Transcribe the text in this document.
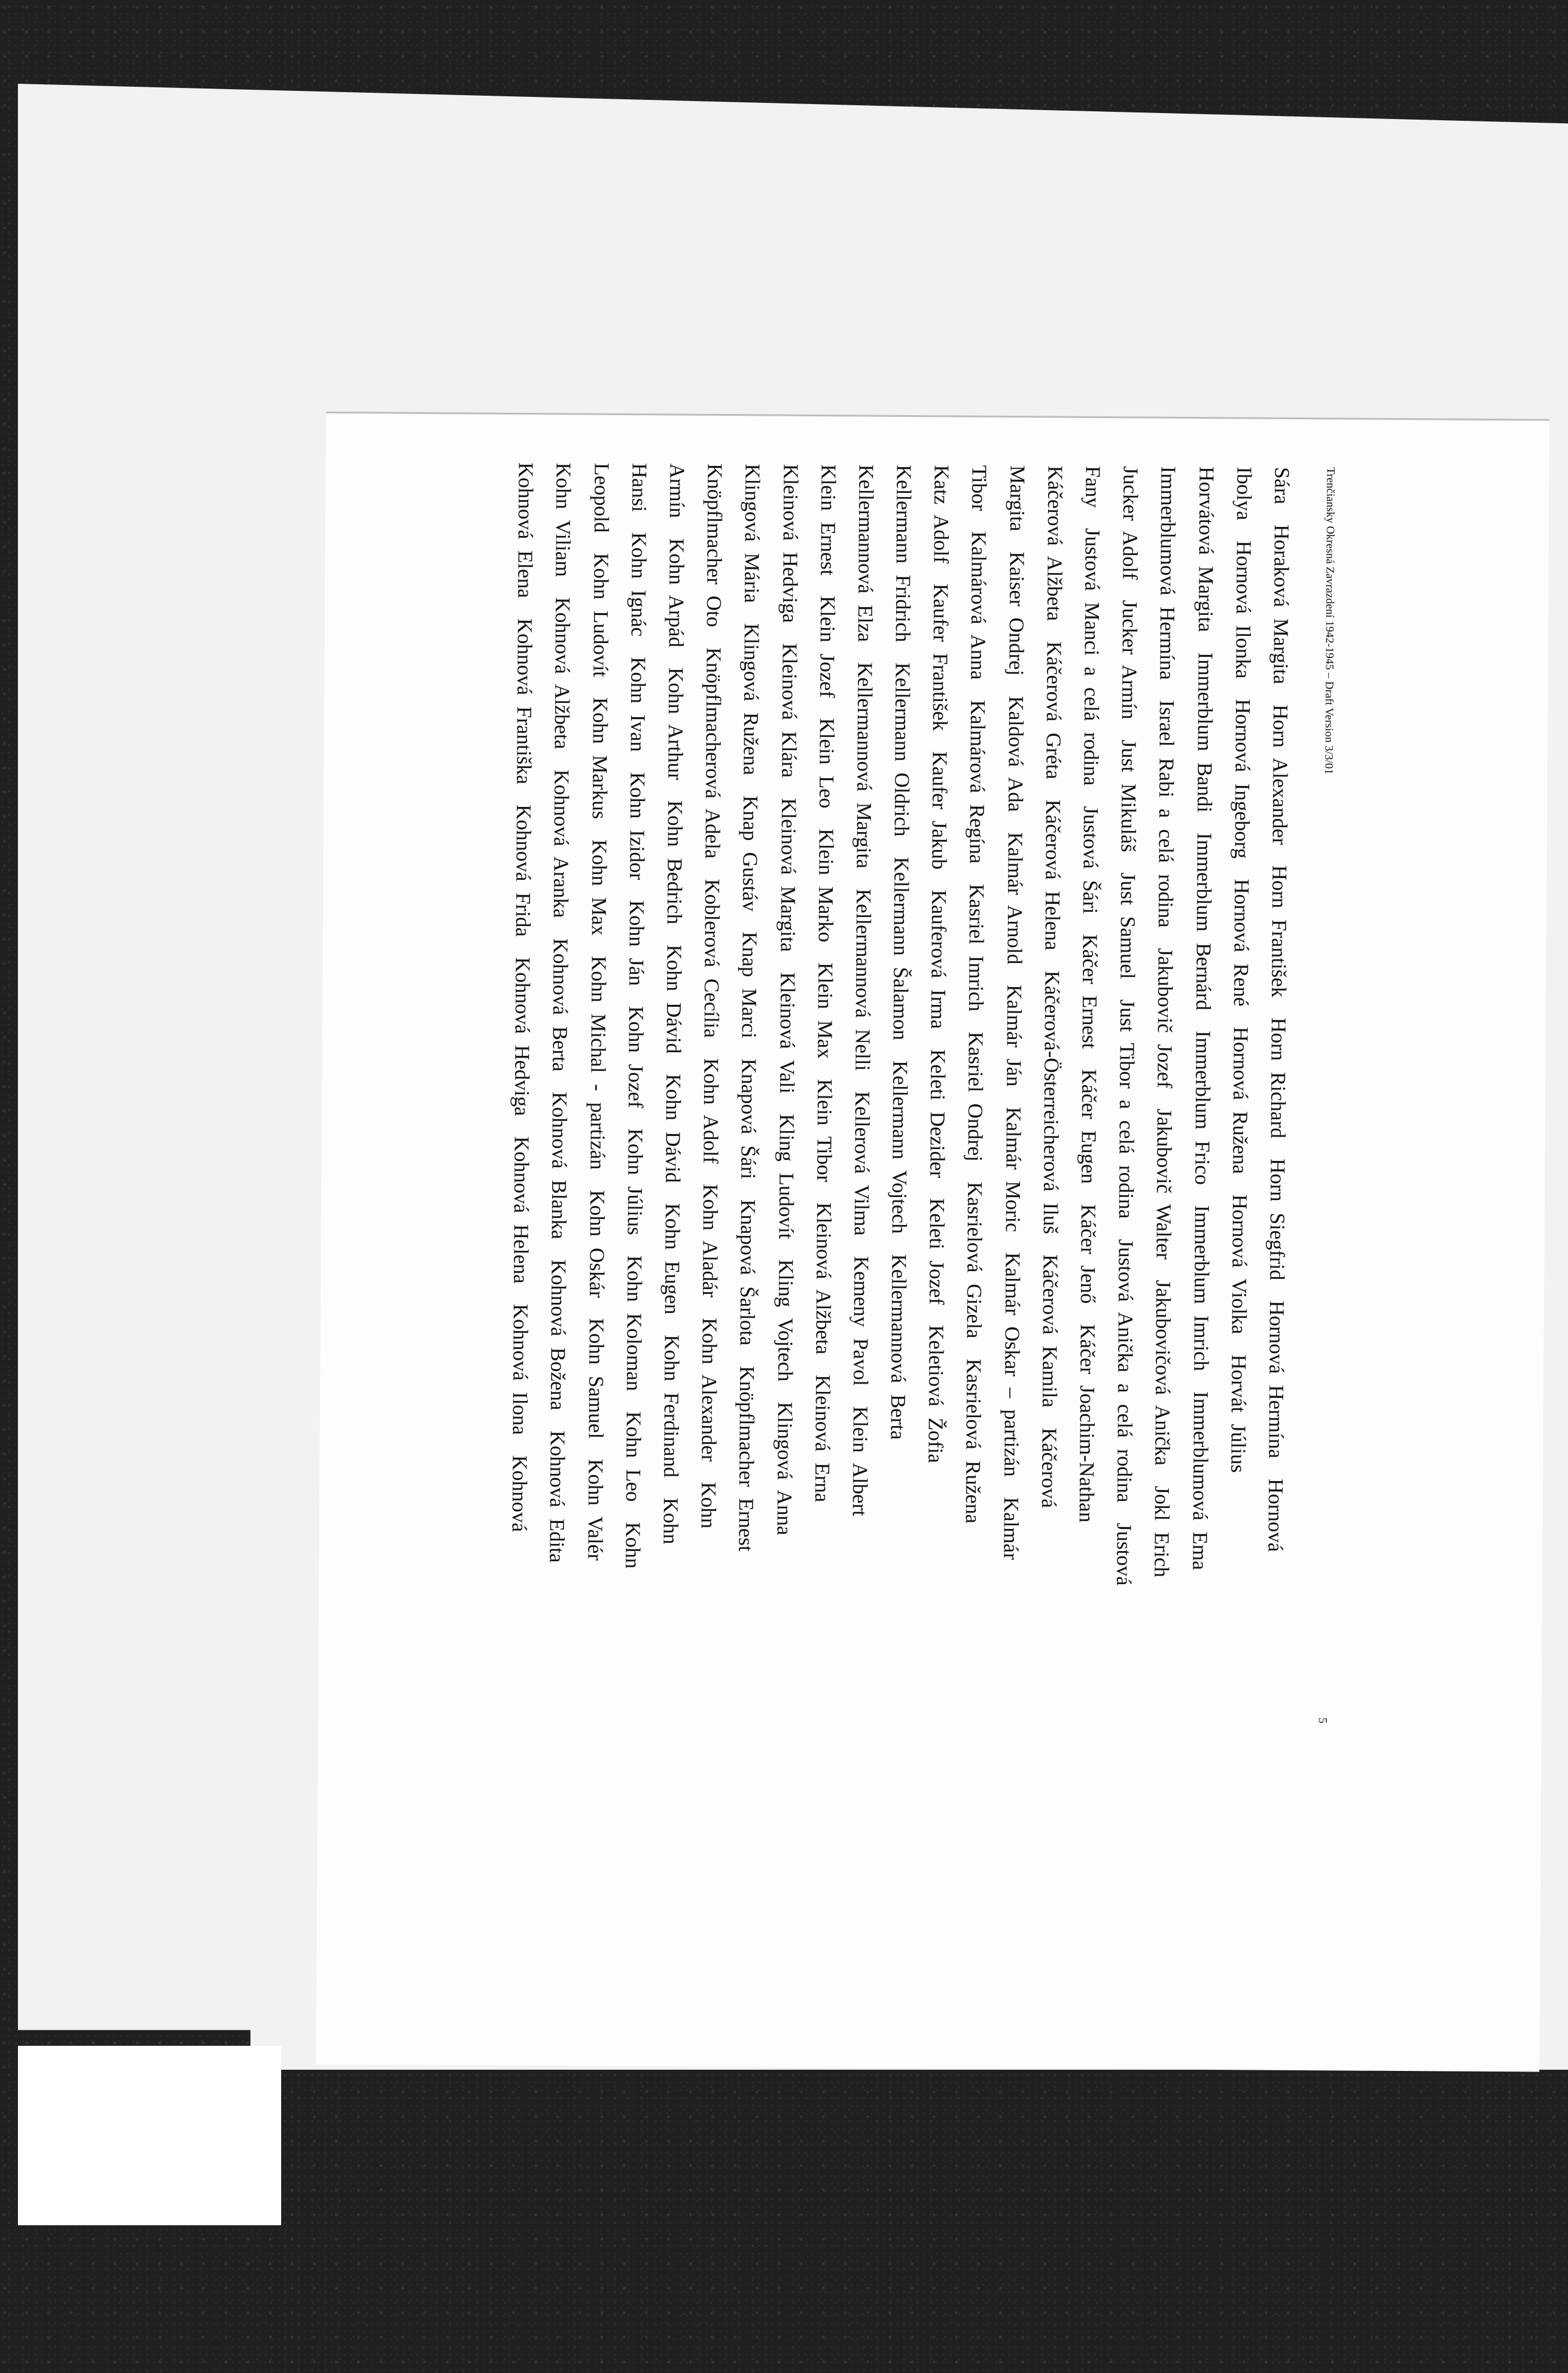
Trenčiansky Okresná Zavrazdení 1942-1945 – Draft Version 3/3/01
5
SáraHoraková MargitaHorn AlexanderHorn FrantišekHorn RichardHorn SiegfridHornová HermínaHornová
IbolyaHornová IlonkaHornová IngeborgHornová RenéHornová RuženaHornová ViolkaHorvát Július
Horvátová MargitaImmerblum BandiImmerblum BernárdImmerblum FricoImmerblum ImrichImmerblumová Ema
Immerblumová HermínaIsrael Rabi a celá rodinaJakubovič JozefJakubovič WalterJakubovičová AničkaJokl Erich
Jucker AdolfJucker ArmínJust MikulášJust SamuelJust Tibor a celá rodinaJustová Anička a celá rodinaJustová
FanyJustová Manci a celá rodinaJustová ŠáriKáčer ErnestKáčer EugenKáčer JenőKáčer Joachim-Nathan
Káčerová AlžbetaKáčerová GrétaKáčerová HelenaKáčerová-Österreicherová IlušKáčerová KamilaKáčerová
MargitaKaiser OndrejKaldová AdaKalmár ArnoldKalmár JánKalmár MoricKalmár Oskar – partizánKalmár
TiborKalmárová AnnaKalmárová RegínaKasriel ImrichKasriel OndrejKasrielová GizelaKasrielová Ružena
Katz AdolfKaufer FrantišekKaufer JakubKauferová IrmaKeleti DeziderKeleti JozefKeletiová Žofia
Kellermann FridrichKellermann OldrichKellermann ŠalamonKellermann VojtechKellermannová Berta
Kellermannová ElzaKellermannová MargitaKellermannová NelliKellerová VilmaKemeny PavolKlein Albert
Klein ErnestKlein JozefKlein LeoKlein MarkoKlein MaxKlein TiborKleinová AlžbetaKleinová Erna
Kleinová HedvigaKleinová KláraKleinová MargitaKleinová ValiKling LudovítKling VojtechKlingová Anna
Klingová MáriaKlingová RuženaKnap GustávKnap MarciKnapová ŠáriKnapová ŠarlotaKnöpflmacher Ernest
Knöpflmacher OtoKnöpflmacherová AdelaKoblerová CecíliaKohn AdolfKohn AladárKohn AlexanderKohn
ArmínKohn ArpádKohn ArthurKohn BedrichKohn DávidKohn DávidKohn EugenKohn FerdinandKohn
HansiKohn IgnácKohn IvanKohn IzidorKohn JánKohn JozefKohn JúliusKohn KolomanKohn LeoKohn
LeopoldKohn LudovítKohn MarkusKohn MaxKohn Michal - partizánKohn OskárKohn SamuelKohn Valér
Kohn ViliamKohnová AlžbetaKohnová ArankaKohnová BertaKohnová BlankaKohnová BoženaKohnová Edita
Kohnová ElenaKohnová FrantiškaKohnová FridaKohnová HedvigaKohnová HelenaKohnová IlonaKohnová
